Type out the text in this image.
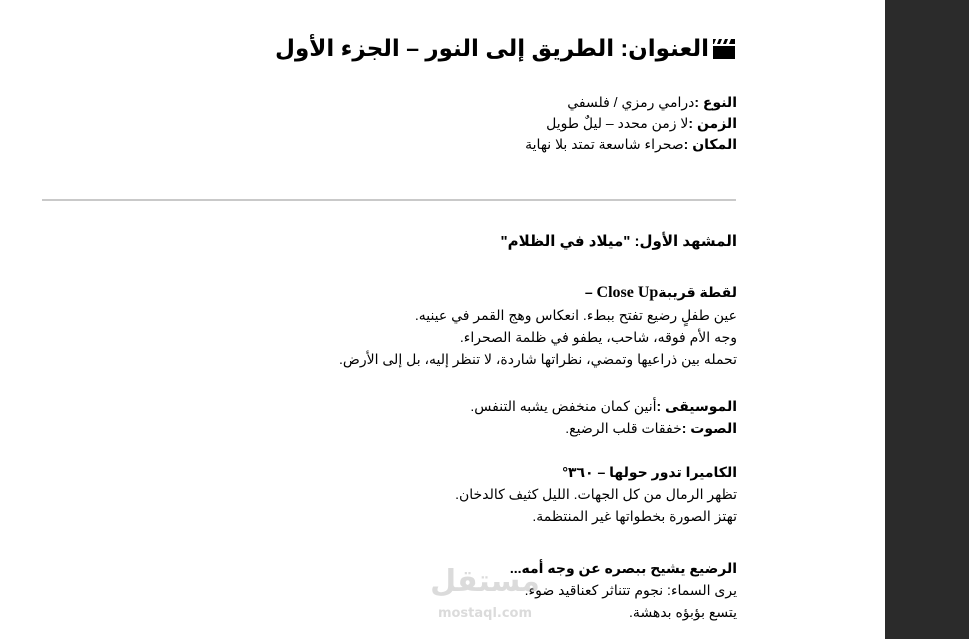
العنوان: الطريق إلى النور – الجزء الأول
النوع :درامي رمزي / فلسفي
الزمن :لا زمن محدد – ليلٌ طويل
المكان :صحراء شاسعة تمتد بلا نهاية
المشهد الأول: "ميلاد في الظلام"
لقطة قريبةClose Up –
عين طفلٍ رضيع تفتح ببطء. انعكاس وهج القمر في عينيه.
وجه الأم فوقه، شاحب، يطفو في ظلمة الصحراء.
تحمله بين ذراعيها وتمضي، نظراتها شاردة، لا تنظر إليه، بل إلى الأرض.
الموسيقى :أنين كمان منخفض يشبه التنفس.
الصوت :خفقات قلب الرضيع.
الكاميرا تدور حولها – ٣٦٠°
تظهر الرمال من كل الجهات. الليل كثيف كالدخان.
تهتز الصورة بخطواتها غير المنتظمة.
الرضيع يشيح ببصره عن وجه أمه...
يرى السماء: نجوم تتناثر كعناقيد ضوء.
يتسع بؤبؤه بدهشة.
مستقل
mostaql.com
